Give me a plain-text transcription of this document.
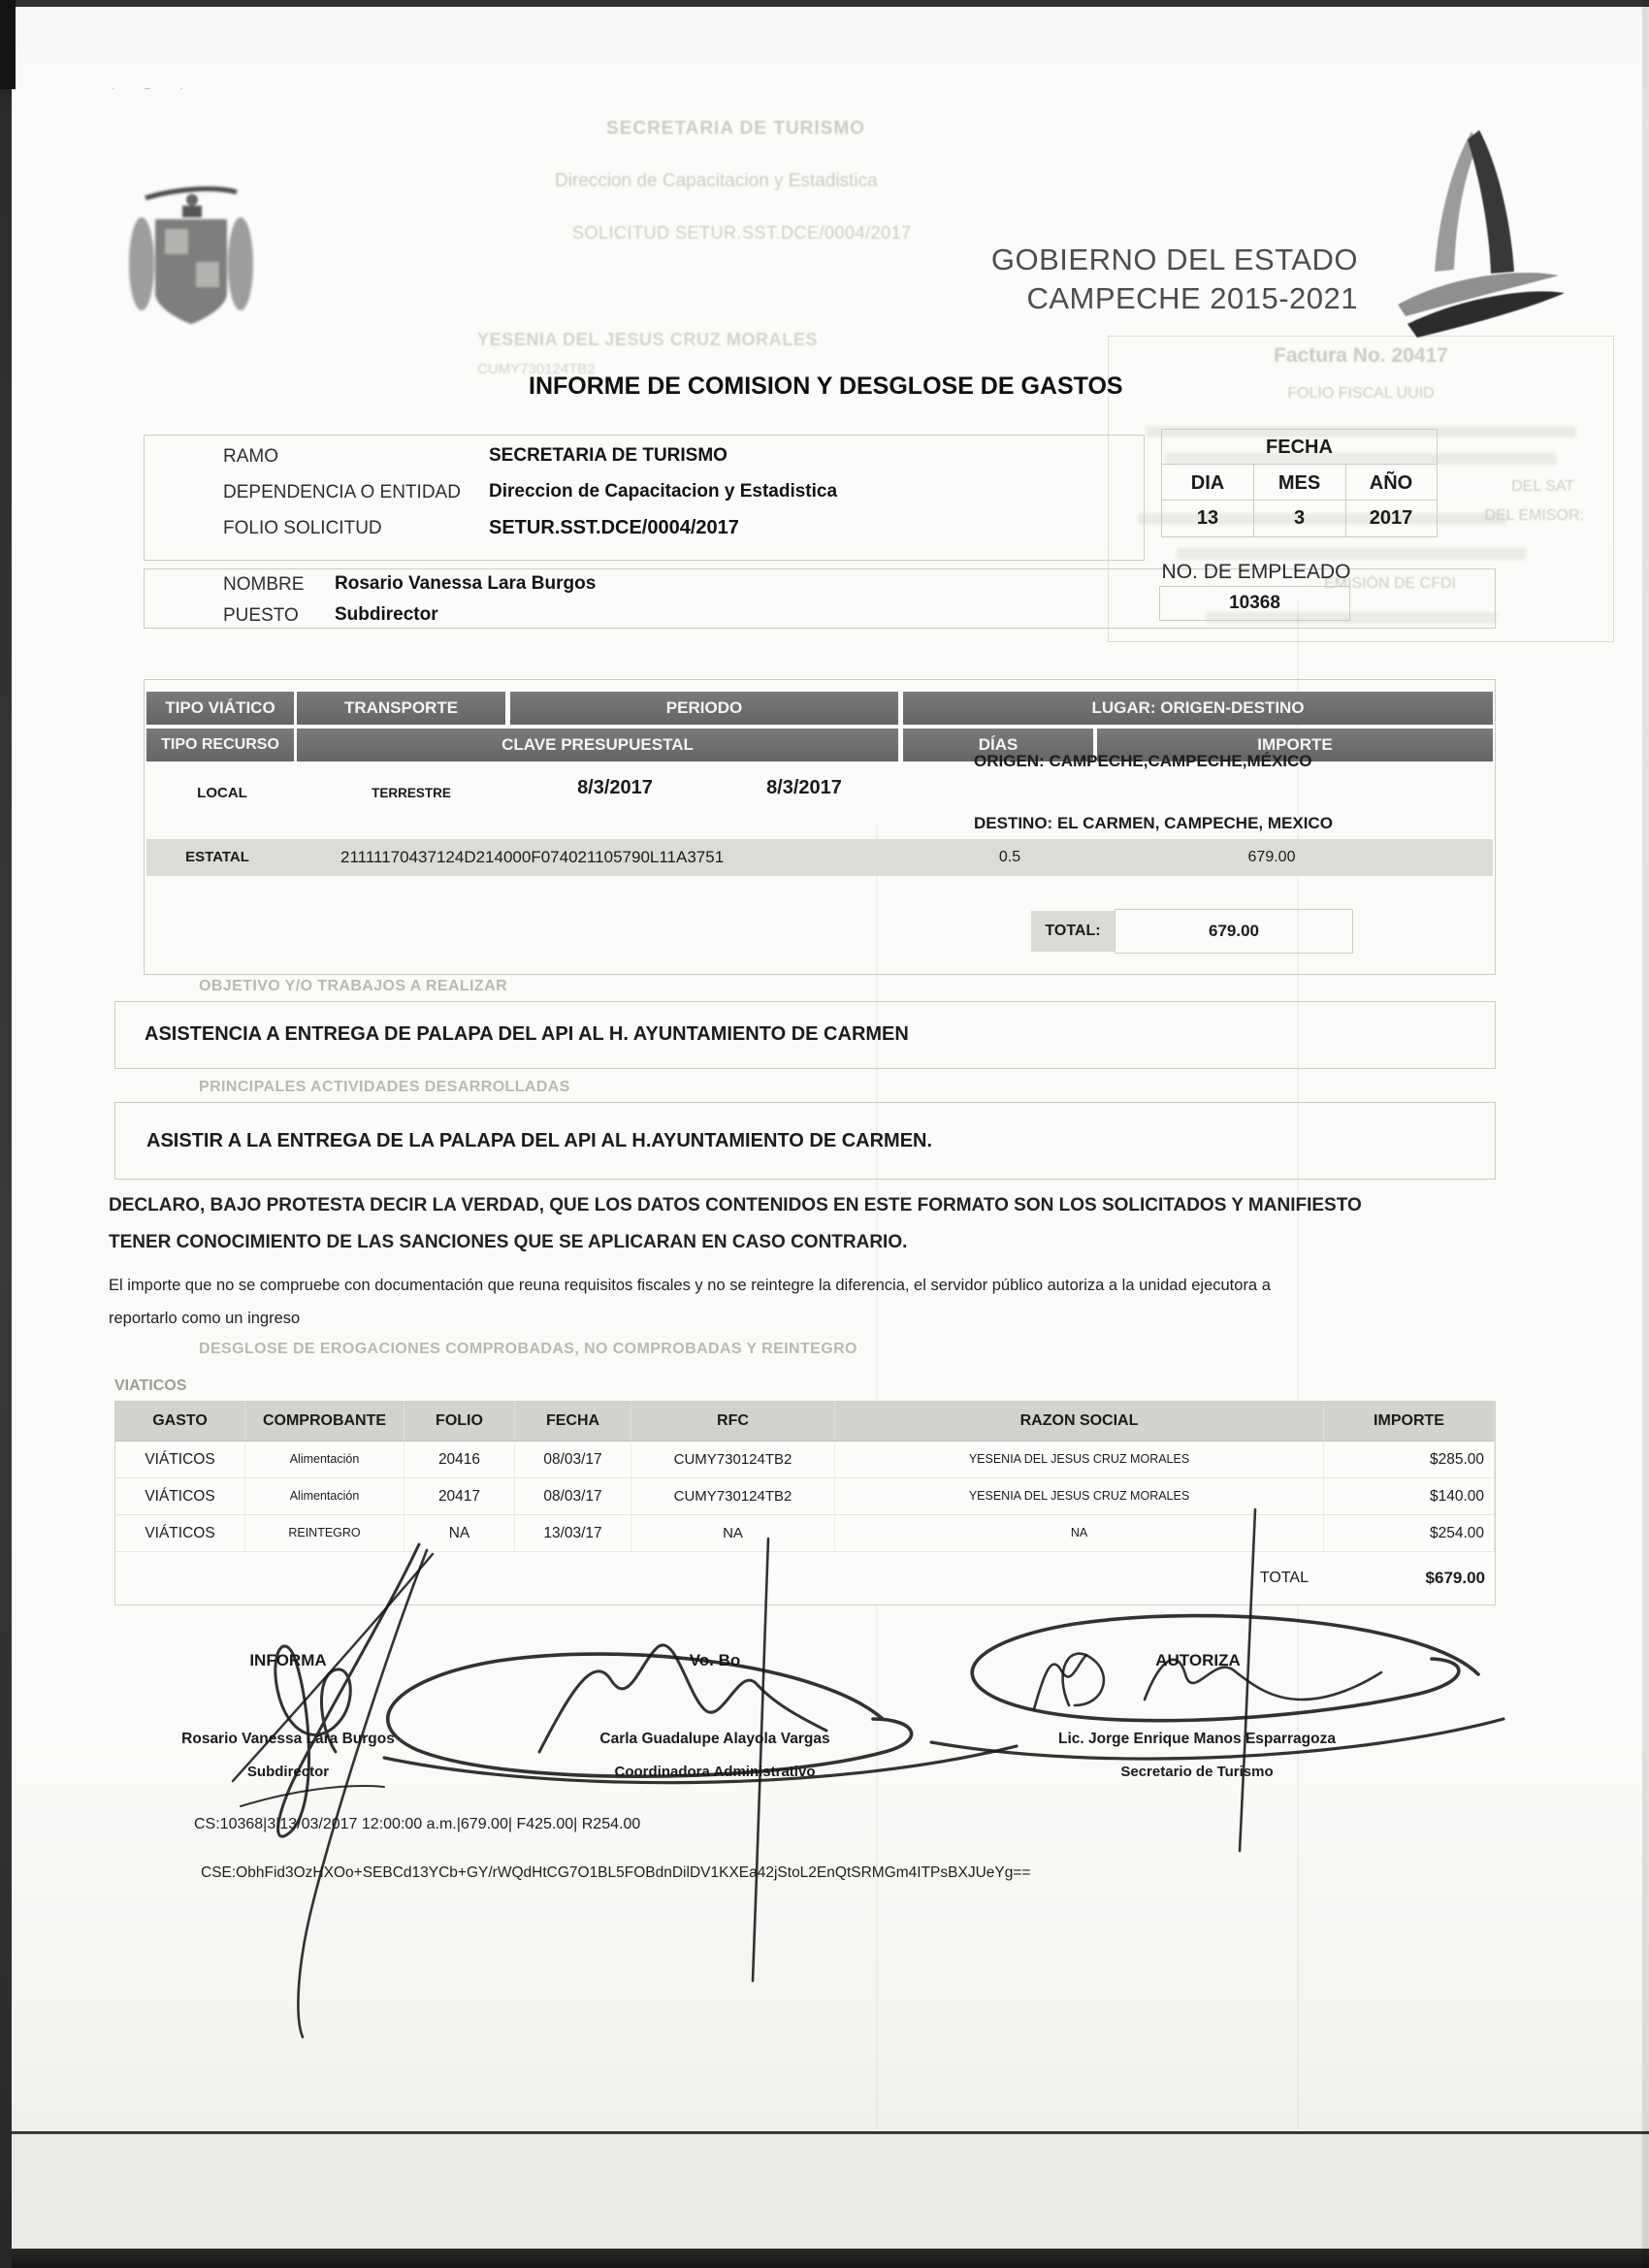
SECRETARIA DE TURISMO
Direccion de Capacitacion y Estadistica
SOLICITUD SETUR.SST.DCE/0004/2017
YESENIA DEL JESUS CRUZ MORALES
CUMY730124TB2
Factura No. 20417
FOLIO FISCAL UUID
DEL SAT
DEL EMISOR:
EMISIÓN DE CFDI
· – ·
GOBIERNO DEL ESTADO
CAMPECHE 2015-2021
INFORME DE COMISION Y DESGLOSE DE GASTOS
RAMO	SECRETARIA DE TURISMO
DEPENDENCIA O ENTIDAD Direccion de Capacitacion y Estadistica
FOLIO SOLICITUD	SETUR.SST.DCE/0004/2017
FECHA
DIA	MES	AÑO
13	3	2017
NOMBRE Rosario Vanessa Lara Burgos
PUESTO Subdirector
NO. DE EMPLEADO
10368
TIPO VIÁTICO	TRANSPORTE	PERIODO	LUGAR: ORIGEN-DESTINO
TIPO RECURSO	CLAVE PRESUPUESTAL	DÍAS	IMPORTE
LOCAL	TERRESTRE	8/3/2017	8/3/2017
ORIGEN: CAMPECHE,CAMPECHE,MÉXICO
DESTINO: EL CARMEN, CAMPECHE, MEXICO
ESTATAL	21111170437124D214000F074021105790L11A3751	0.5	679.00
TOTAL:	679.00
OBJETIVO Y/O TRABAJOS A REALIZAR
ASISTENCIA A ENTREGA DE PALAPA DEL API AL H. AYUNTAMIENTO DE CARMEN
PRINCIPALES ACTIVIDADES DESARROLLADAS
ASISTIR A LA ENTREGA DE LA PALAPA DEL API AL H.AYUNTAMIENTO DE CARMEN.
DECLARO, BAJO PROTESTA DECIR LA VERDAD, QUE LOS DATOS CONTENIDOS EN ESTE FORMATO SON LOS SOLICITADOS Y MANIFIESTO
TENER CONOCIMIENTO DE LAS SANCIONES QUE SE APLICARAN EN CASO CONTRARIO.
El importe que no se compruebe con documentación que reuna requisitos fiscales y no se reintegre la diferencia, el servidor público autoriza a la unidad ejecutora a
reportarlo como un ingreso
DESGLOSE DE EROGACIONES COMPROBADAS, NO COMPROBADAS Y REINTEGRO
VIATICOS
GASTO	COMPROBANTE	FOLIO	FECHA	RFC	RAZON SOCIAL	IMPORTE
VIÁTICOS	Alimentación	20416	08/03/17	CUMY730124TB2	YESENIA DEL JESUS CRUZ MORALES	$285.00
VIÁTICOS	Alimentación	20417	08/03/17	CUMY730124TB2	YESENIA DEL JESUS CRUZ MORALES	$140.00
VIÁTICOS	REINTEGRO	NA	13/03/17	NA	NA	$254.00
TOTAL	$679.00
INFORMA	Vo. Bo	AUTORIZA
Rosario Vanessa Lara Burgos	Carla Guadalupe Alayola Vargas	Lic. Jorge Enrique Manos Esparragoza
Subdirector	Coordinadora Administrativo	Secretario de Turismo
CS:10368|3|13/03/2017 12:00:00 a.m.|679.00| F425.00| R254.00
CSE:ObhFid3OzHXOo+SEBCd13YCb+GY/rWQdHtCG7O1BL5FOBdnDilDV1KXEa42jStoL2EnQtSRMGm4ITPsBXJUeYg==
